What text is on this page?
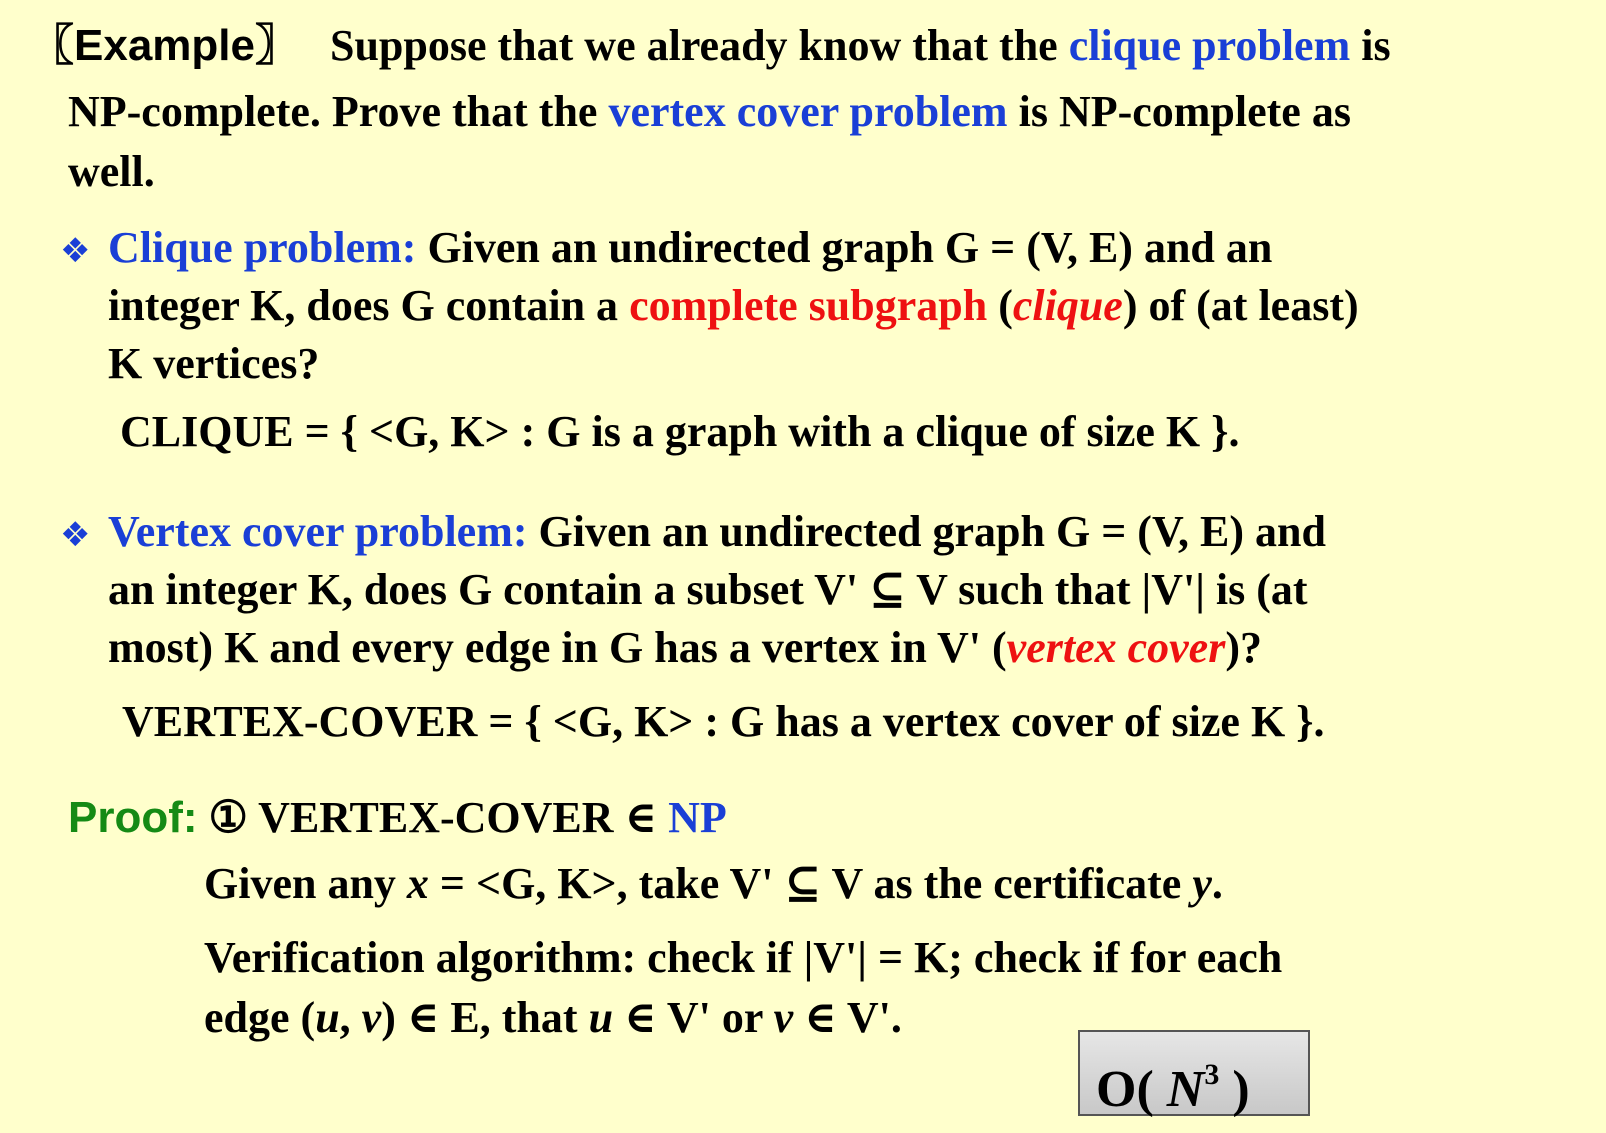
〖Example〗 Suppose that we already know that the clique problem is
NP-complete. Prove that the vertex cover problem is NP-complete as
well.
❖ Clique problem: Given an undirected graph G = (V, E) and an
integer K, does G contain a complete subgraph (clique) of (at least)
K vertices?
CLIQUE = { <G, K> : G is a graph with a clique of size K }.
❖ Vertex cover problem: Given an undirected graph G = (V, E) and
an integer K, does G contain a subset V' ⊆ V such that |V'| is (at
most) K and every edge in G has a vertex in V' (vertex cover)?
VERTEX-COVER = { <G, K> : G has a vertex cover of size K }.
Proof: ① VERTEX-COVER ∈ NP
Given any x = <G, K>, take V' ⊆ V as the certificate y.
Verification algorithm: check if |V'| = K; check if for each
edge (u, v) ∈ E, that u ∈ V' or v ∈ V'.
O( $N^3$ )
